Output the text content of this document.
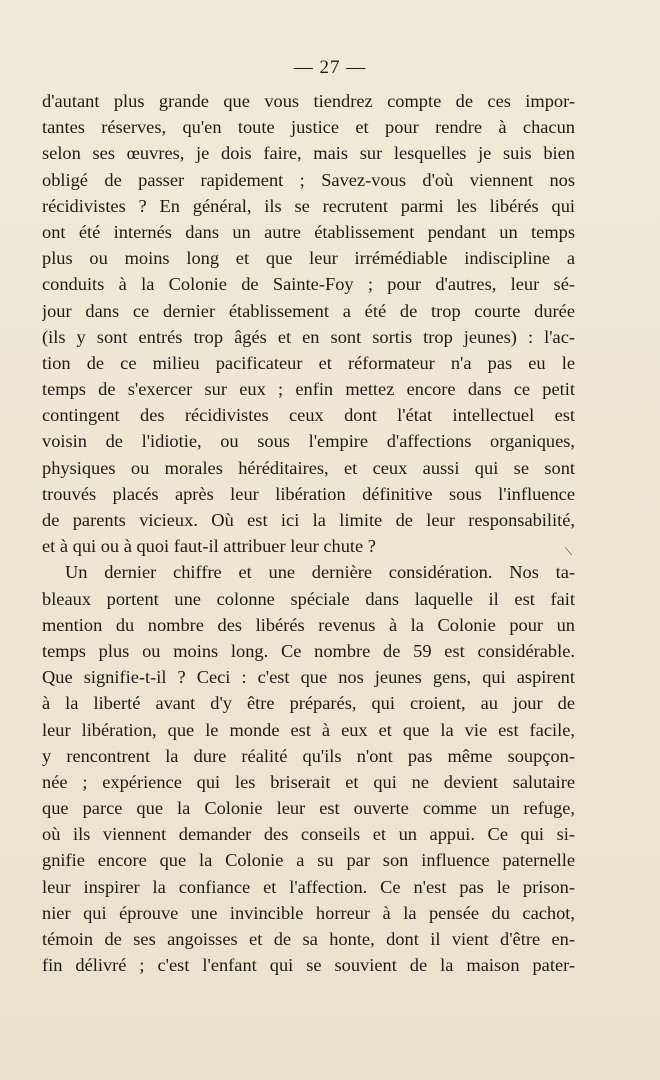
— 27 —
d'autant plus grande que vous tiendrez compte de ces impor-
tantes réserves, qu'en toute justice et pour rendre à chacun
selon ses œuvres, je dois faire, mais sur lesquelles je suis bien
obligé de passer rapidement ; Savez-vous d'où viennent nos
récidivistes ? En général, ils se recrutent parmi les libérés qui
ont été internés dans un autre établissement pendant un temps
plus ou moins long et que leur irrémédiable indiscipline a
conduits à la Colonie de Sainte-Foy ; pour d'autres, leur sé-
jour dans ce dernier établissement a été de trop courte durée
(ils y sont entrés trop âgés et en sont sortis trop jeunes) : l'ac-
tion de ce milieu pacificateur et réformateur n'a pas eu le
temps de s'exercer sur eux ; enfin mettez encore dans ce petit
contingent des récidivistes ceux dont l'état intellectuel est
voisin de l'idiotie, ou sous l'empire d'affections organiques,
physiques ou morales héréditaires, et ceux aussi qui se sont
trouvés placés après leur libération définitive sous l'influence
de parents vicieux. Où est ici la limite de leur responsabilité,
et à qui ou à quoi faut-il attribuer leur chute ?
Un dernier chiffre et une dernière considération. Nos ta-
bleaux portent une colonne spéciale dans laquelle il est fait
mention du nombre des libérés revenus à la Colonie pour un
temps plus ou moins long. Ce nombre de 59 est considérable.
Que signifie-t-il ? Ceci : c'est que nos jeunes gens, qui aspirent
à la liberté avant d'y être préparés, qui croient, au jour de
leur libération, que le monde est à eux et que la vie est facile,
y rencontrent la dure réalité qu'ils n'ont pas même soupçon-
née ; expérience qui les briserait et qui ne devient salutaire
que parce que la Colonie leur est ouverte comme un refuge,
où ils viennent demander des conseils et un appui. Ce qui si-
gnifie encore que la Colonie a su par son influence paternelle
leur inspirer la confiance et l'affection. Ce n'est pas le prison-
nier qui éprouve une invincible horreur à la pensée du cachot,
témoin de ses angoisses et de sa honte, dont il vient d'être en-
fin délivré ; c'est l'enfant qui se souvient de la maison pater-
⟍
